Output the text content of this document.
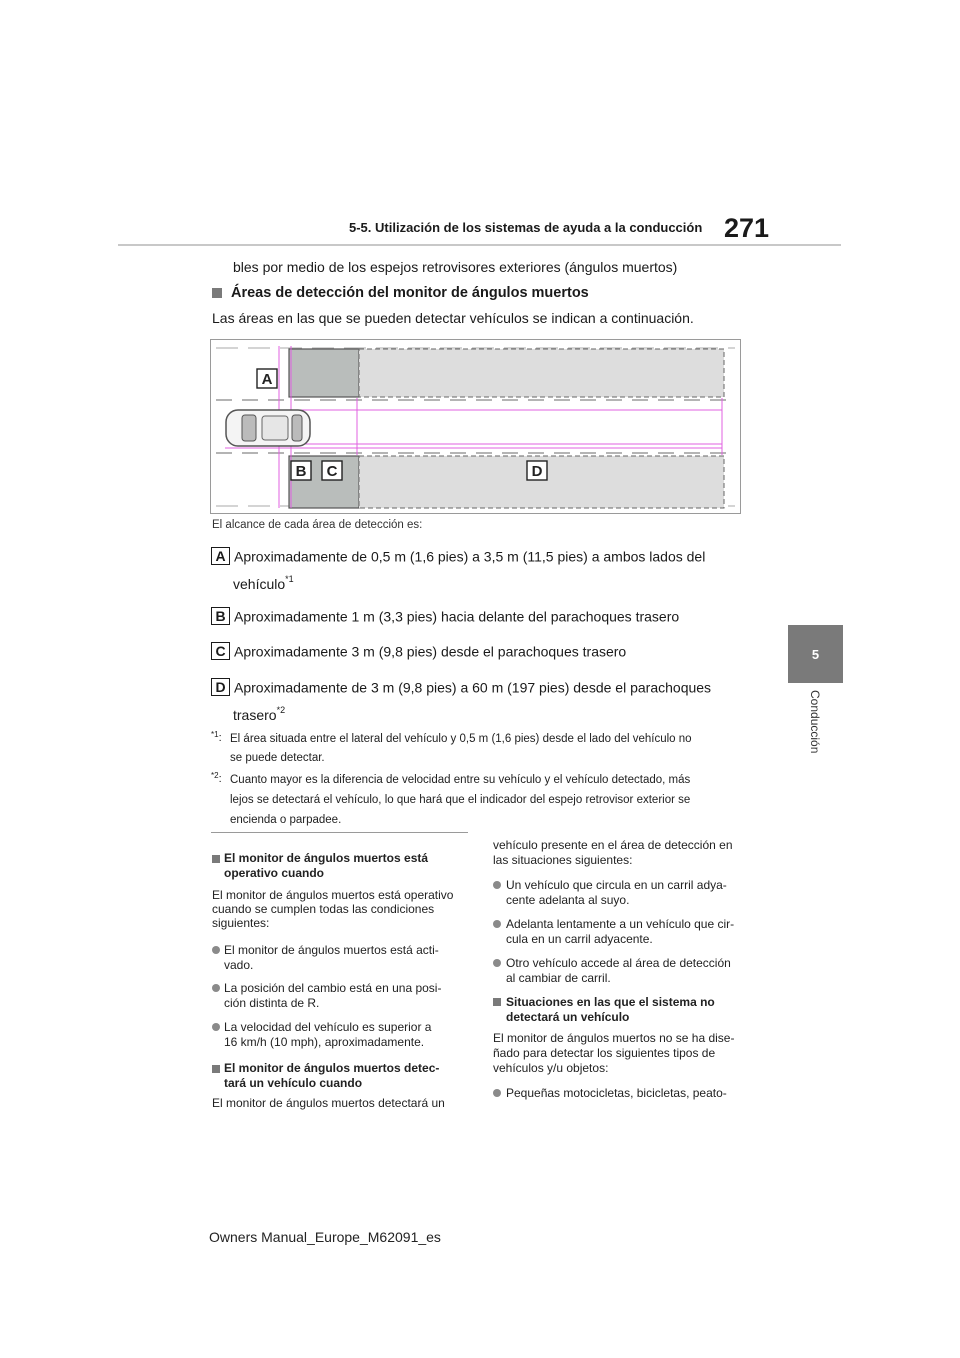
5-5. Utilización de los sistemas de ayuda a la conducción 271
5
Conducción
bles por medio de los espejos retrovisores exteriores (ángulos muertos)
Áreas de detección del monitor de ángulos muertos
Las áreas en las que se pueden detectar vehículos se indican a continuación.
A
B C	D
El alcance de cada área de detección es:
A Aproximadamente de 0,5 m (1,6 pies) a 3,5 m (11,5 pies) a ambos lados del
vehículo$^{*1}$
B Aproximadamente 1 m (3,3 pies) hacia delante del parachoques trasero
C Aproximadamente 3 m (9,8 pies) desde el parachoques trasero
D Aproximadamente de 3 m (9,8 pies) a 60 m (197 pies) desde el parachoques
trasero$^{*2}$
$^{*1}$: El área situada entre el lateral del vehículo y 0,5 m (1,6 pies) desde el lado del vehículo no
se puede detectar.
$^{*2}$: Cuanto mayor es la diferencia de velocidad entre su vehículo y el vehículo detectado, más
lejos se detectará el vehículo, lo que hará que el indicador del espejo retrovisor exterior se
encienda o parpadee.
El monitor de ángulos muertos está
operativo cuando
El monitor de ángulos muertos está operativo
cuando se cumplen todas las condiciones
siguientes:
El monitor de ángulos muertos está acti-
vado.
La posición del cambio está en una posi-
ción distinta de R.
La velocidad del vehículo es superior a
16 km/h (10 mph), aproximadamente.
El monitor de ángulos muertos detec-
tará un vehículo cuando
El monitor de ángulos muertos detectará un
vehículo presente en el área de detección en
las situaciones siguientes:
Un vehículo que circula en un carril adya-
cente adelanta al suyo.
Adelanta lentamente a un vehículo que cir-
cula en un carril adyacente.
Otro vehículo accede al área de detección
al cambiar de carril.
Situaciones en las que el sistema no
detectará un vehículo
El monitor de ángulos muertos no se ha dise-
ñado para detectar los siguientes tipos de
vehículos y/u objetos:
Pequeñas motocicletas, bicicletas, peato-
Owners Manual_Europe_M62091_es
